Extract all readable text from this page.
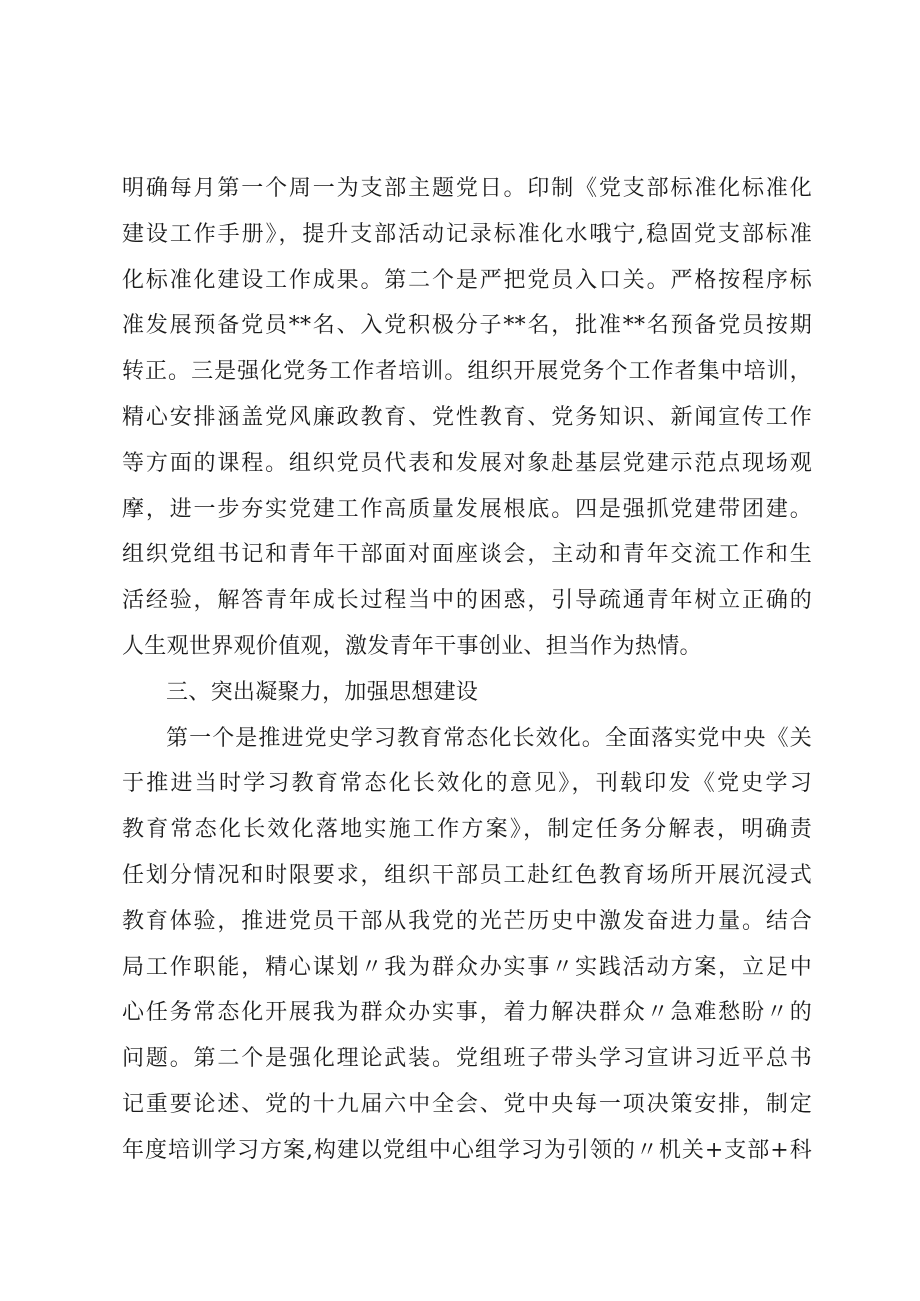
明确每月第一个周一为支部主题党日。印制《党支部标准化标准化
建设工作手册》，提升支部活动记录标准化水哦宁,稳固党支部标准
化标准化建设工作成果。第二个是严把党员入口关。严格按程序标
准发展预备党员**名、入党积极分子**名，批准**名预备党员按期
转正。三是强化党务工作者培训。组织开展党务个工作者集中培训，
精心安排涵盖党风廉政教育、党性教育、党务知识、新闻宣传工作
等方面的课程。组织党员代表和发展对象赴基层党建示范点现场观
摩，进一步夯实党建工作高质量发展根底。四是强抓党建带团建。
组织党组书记和青年干部面对面座谈会，主动和青年交流工作和生
活经验，解答青年成长过程当中的困惑，引导疏通青年树立正确的
人生观世界观价值观，激发青年干事创业、担当作为热情。
三、突出凝聚力，加强思想建设
第一个是推进党史学习教育常态化长效化。全面落实党中央《关
于推进当时学习教育常态化长效化的意见》，刊载印发《党史学习
教育常态化长效化落地实施工作方案》，制定任务分解表，明确责
任划分情况和时限要求，组织干部员工赴红色教育场所开展沉浸式
教育体验，推进党员干部从我党的光芒历史中激发奋进力量。结合
局工作职能，精心谋划〃我为群众办实事〃实践活动方案，立足中
心任务常态化开展我为群众办实事，着力解决群众〃急难愁盼〃的
问题。第二个是强化理论武装。党组班子带头学习宣讲习近平总书
记重要论述、党的十九届六中全会、党中央每一项决策安排，制定
年度培训学习方案,构建以党组中心组学习为引领的〃机关+支部+科
